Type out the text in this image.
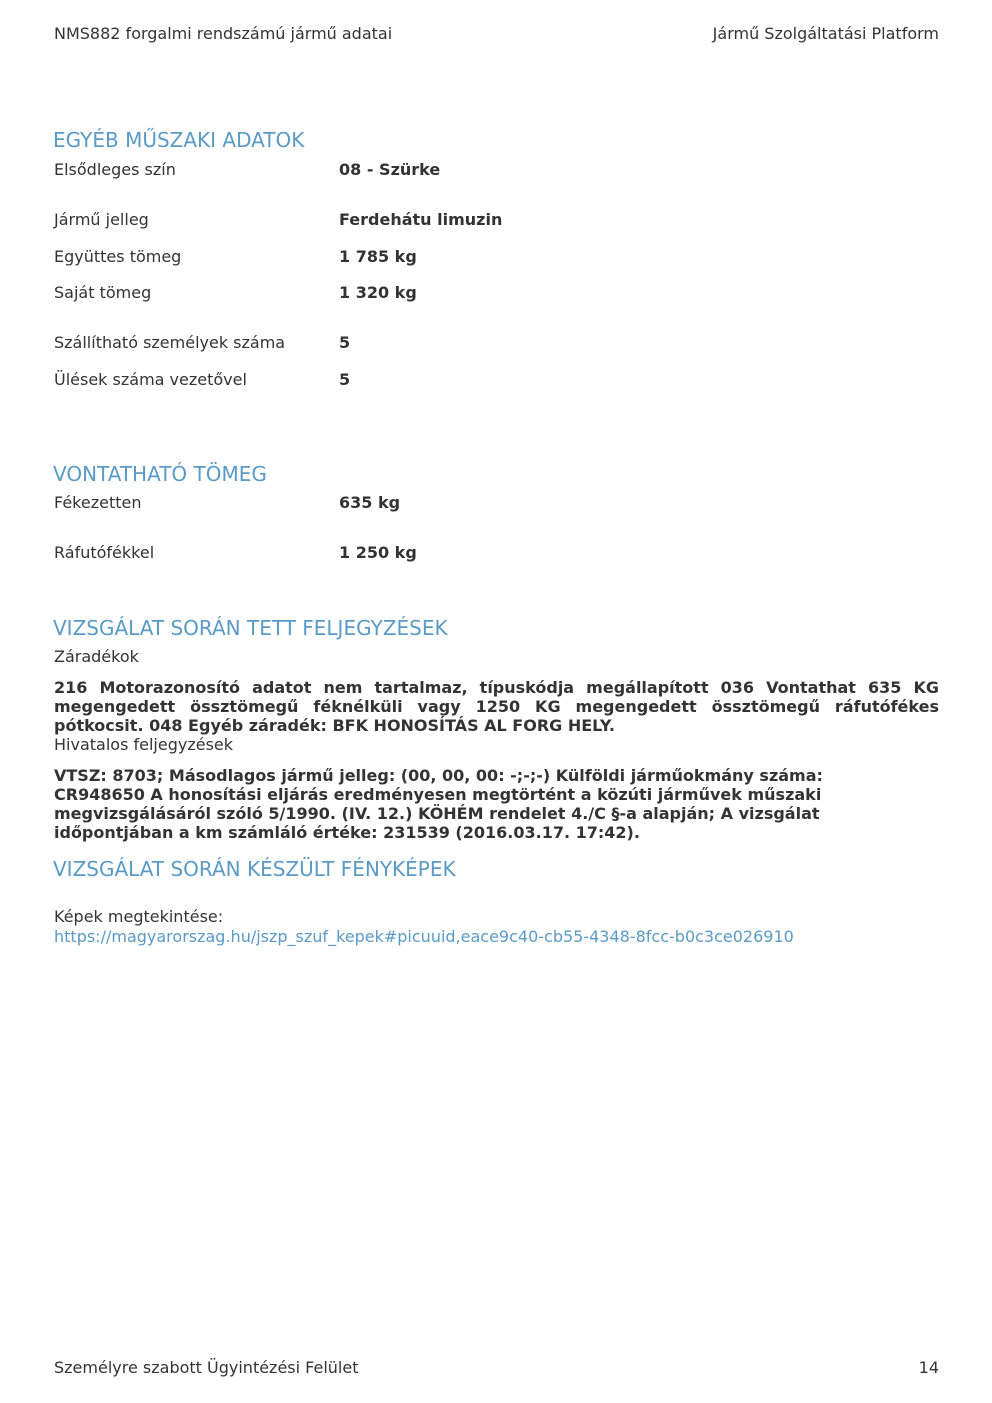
NMS882 forgalmi rendszámú jármű adatai	Jármű Szolgáltatási Platform
EGYÉB MŰSZAKI ADATOK
Elsődleges szín	08 - Szürke
Jármű jelleg	Ferdehátu limuzin
Együttes tömeg	1 785 kg
Saját tömeg	1 320 kg
Szállítható személyek száma	5
Ülések száma vezetővel	5
VONTATHATÓ TÖMEG
Fékezetten	635 kg
Ráfutófékkel	1 250 kg
VIZSGÁLAT SORÁN TETT FELJEGYZÉSEK
Záradékok
216 Motorazonosító adatot nem tartalmaz, típuskódja megállapított 036 Vontathat 635 KG megengedett össztömegű féknélküli vagy 1250 KG megengedett össztömegű ráfutófékes pótkocsit. 048 Egyéb záradék: BFK HONOSÍTÁS AL FORG HELY.
Hivatalos feljegyzések
VTSZ: 8703; Másodlagos jármű jelleg: (00, 00, 00: -;-;-) Külföldi járműokmány száma: CR948650 A honosítási eljárás eredményesen megtörtént a közúti járművek műszaki megvizsgálásáról szóló 5/1990. (IV. 12.) KÖHÉM rendelet 4./C §-a alapján; A vizsgálat időpontjában a km számláló értéke: 231539 (2016.03.17. 17:42).
VIZSGÁLAT SORÁN KÉSZÜLT FÉNYKÉPEK
Képek megtekintése:
https://magyarorszag.hu/jszp_szuf_kepek#picuuid,eace9c40-cb55-4348-8fcc-b0c3ce026910
Személyre szabott Ügyintézési Felület	14
